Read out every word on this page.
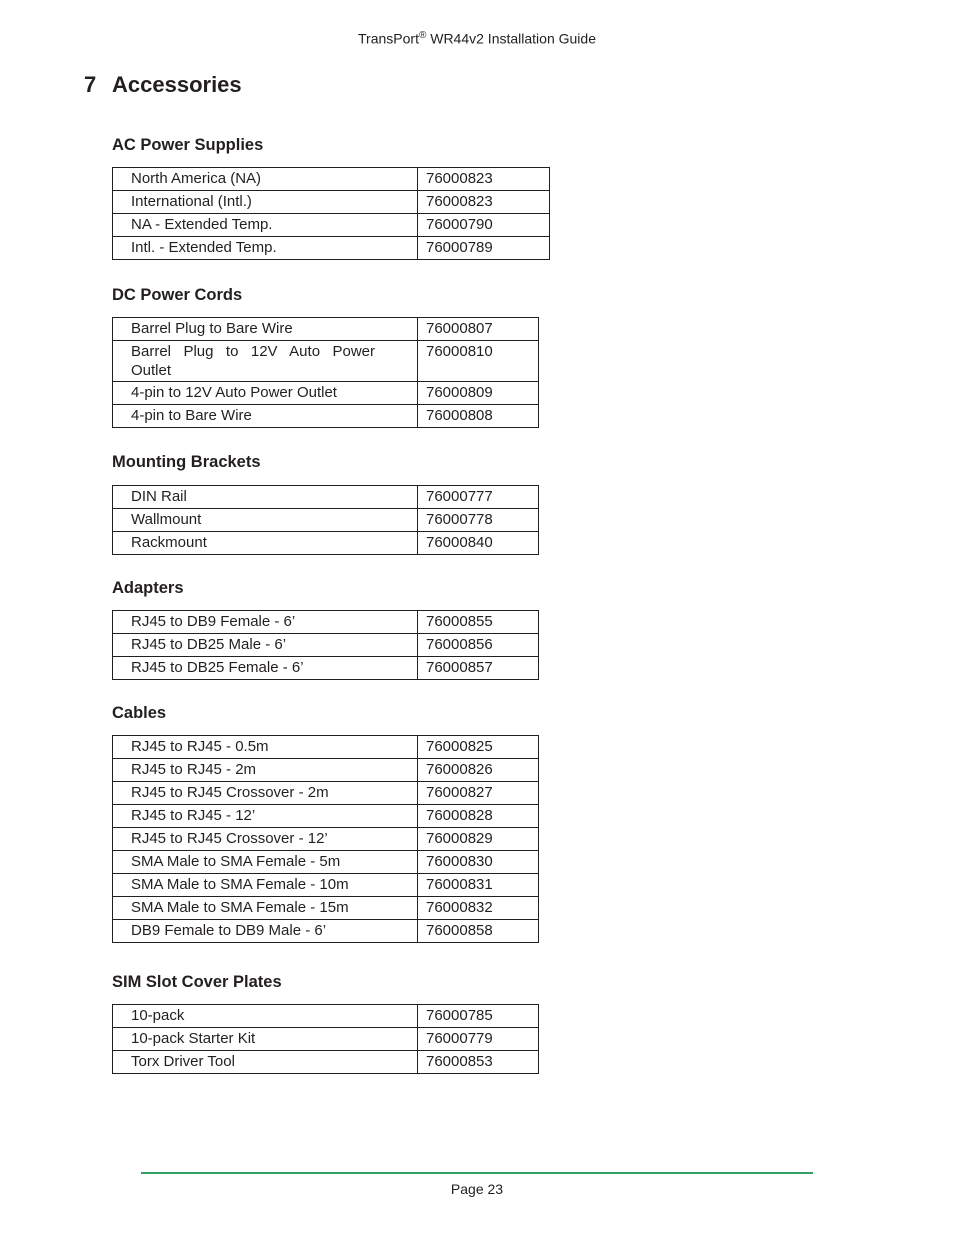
TransPort® WR44v2 Installation Guide
7 Accessories
AC Power Supplies
North America (NA)	76000823
International (Intl.)	76000823
NA - Extended Temp.	76000790
Intl. - Extended Temp.	76000789
DC Power Cords
Barrel Plug to Bare Wire	76000807
Barrel Plug to 12V Auto Power Outlet	76000810
4-pin to 12V Auto Power Outlet	76000809
4-pin to Bare Wire	76000808
Mounting Brackets
DIN Rail	76000777
Wallmount	76000778
Rackmount	76000840
Adapters
RJ45 to DB9 Female - 6’	76000855
RJ45 to DB25 Male - 6’	76000856
RJ45 to DB25 Female - 6’	76000857
Cables
RJ45 to RJ45 - 0.5m	76000825
RJ45 to RJ45 - 2m	76000826
RJ45 to RJ45 Crossover - 2m	76000827
RJ45 to RJ45 - 12’	76000828
RJ45 to RJ45 Crossover - 12’	76000829
SMA Male to SMA Female - 5m	76000830
SMA Male to SMA Female - 10m	76000831
SMA Male to SMA Female - 15m	76000832
DB9 Female to DB9 Male - 6’	76000858
SIM Slot Cover Plates
10-pack	76000785
10-pack Starter Kit	76000779
Torx Driver Tool	76000853
Page 23
